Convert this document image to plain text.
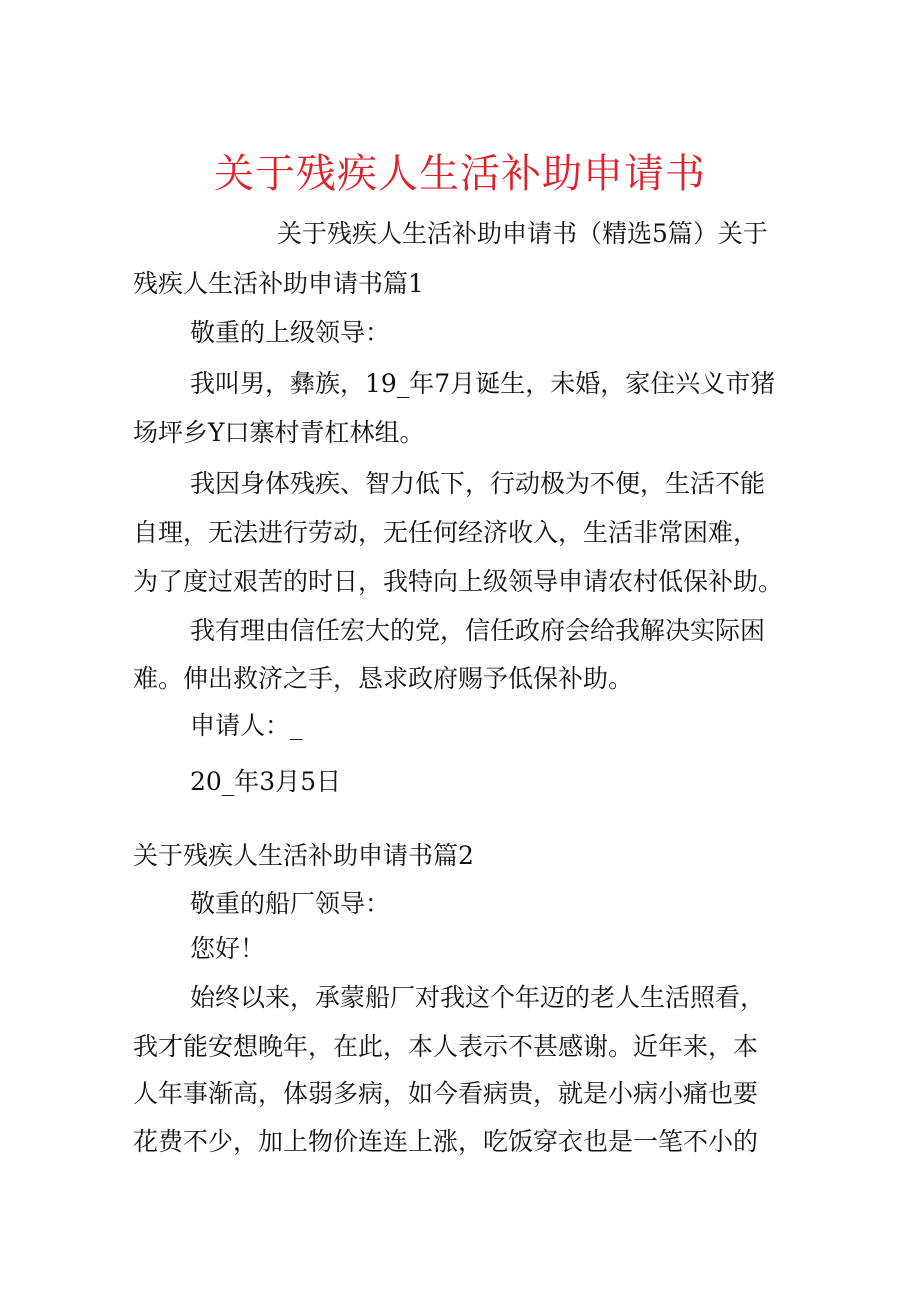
关于残疾人生活补助申请书

关于残疾人生活补助申请书（精选5篇）关于

残疾人生活补助申请书篇1

敬重的上级领导：

我叫男，彝族，19_年7月诞生，未婚，家住兴义市猪

场坪乡Y口寨村青杠林组。

我因身体残疾、智力低下，行动极为不便，生活不能

自理，无法进行劳动，无任何经济收入，生活非常困难，

为了度过艰苦的时日，我特向上级领导申请农村低保补助。

我有理由信任宏大的党，信任政府会给我解决实际困

难。伸出救济之手，恳求政府赐予低保补助。

申请人：_

20_年3月5日

关于残疾人生活补助申请书篇2

敬重的船厂领导：

您好！

始终以来，承蒙船厂对我这个年迈的老人生活照看，

我才能安想晚年，在此，本人表示不甚感谢。近年来，本

人年事渐高，体弱多病，如今看病贵，就是小病小痛也要

花费不少，加上物价连连上涨，吃饭穿衣也是一笔不小的
